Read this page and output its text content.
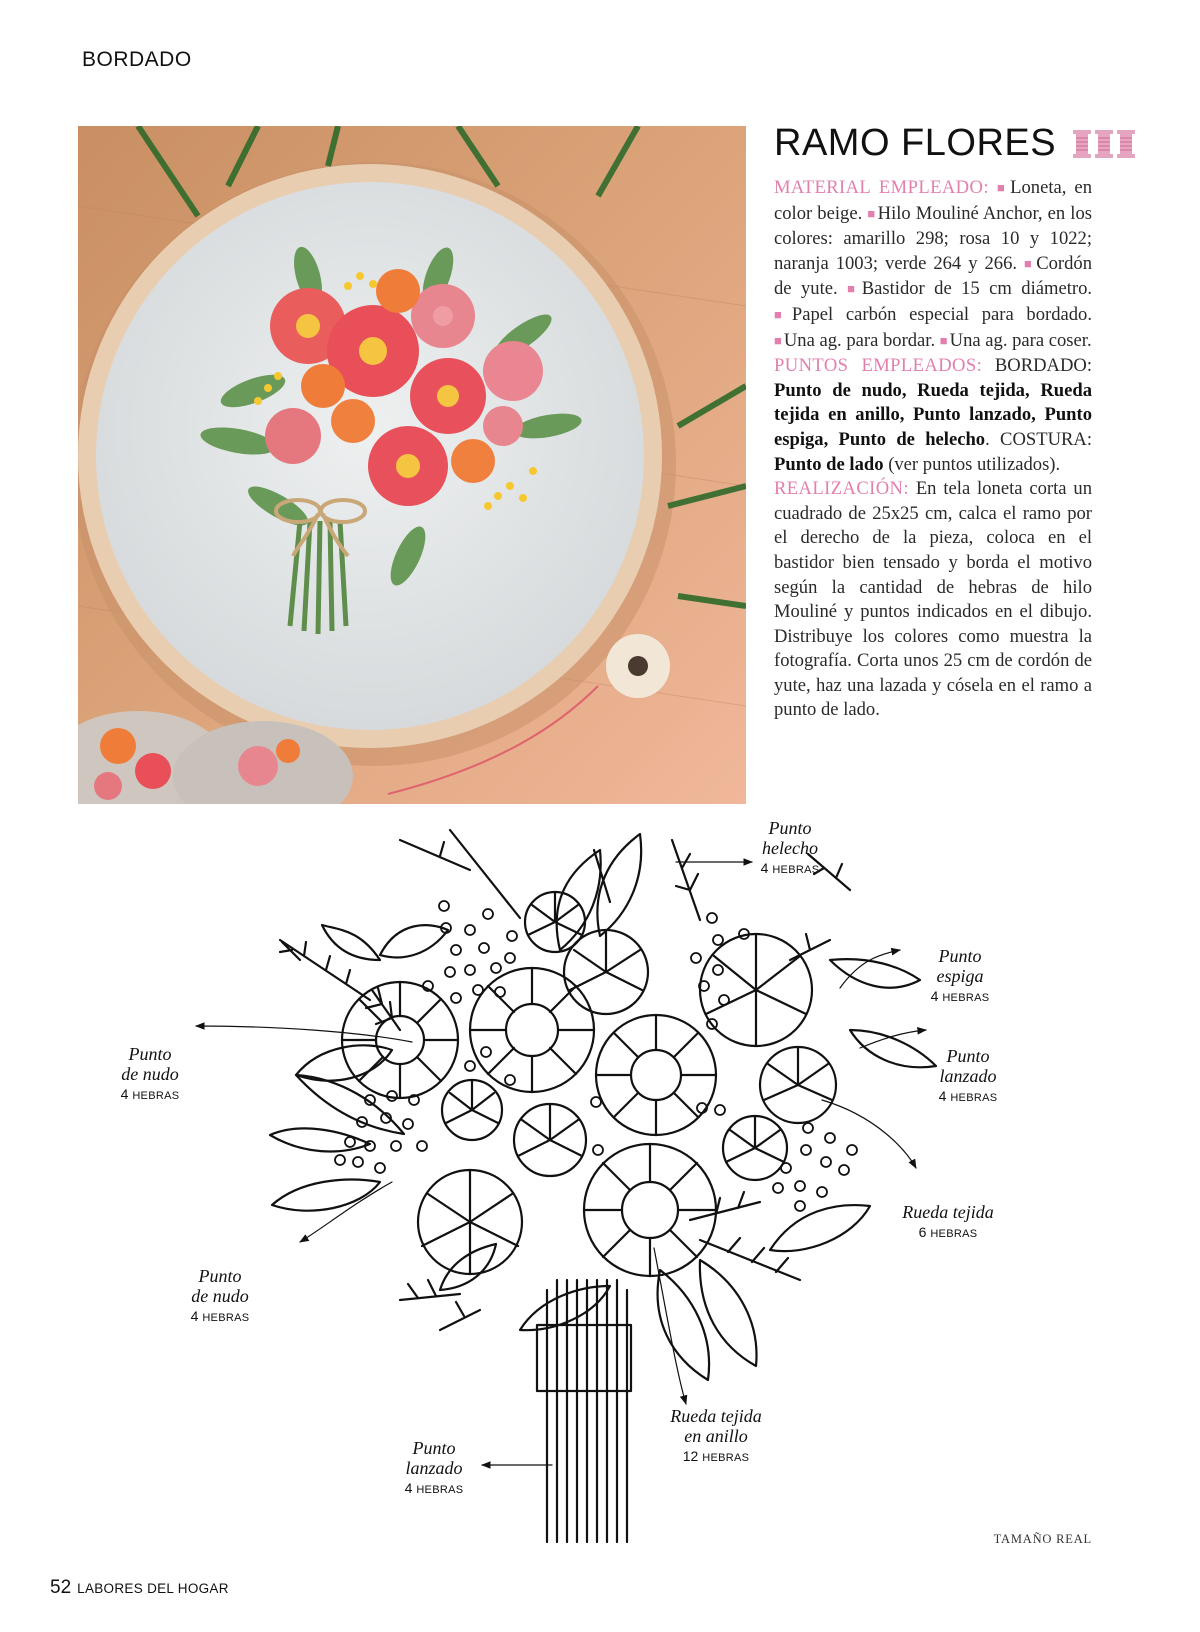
BORDADO
RAMO FLORES

MATERIAL EMPLEADO: ■ Loneta, en color beige. ■ Hilo Mouliné Anchor, en los colores: amarillo 298; rosa 10 y 1022; naranja 1003; verde 264 y 266. ■ Cordón de yute. ■ Bastidor de 15 cm diámetro. ■ Papel carbón especial para bordado. ■ Una ag. para bordar. ■ Una ag. para coser.

PUNTOS EMPLEADOS: BORDADO: Punto de nudo, Rueda tejida, Rueda tejida en anillo, Punto lanzado, Punto espiga, Punto de helecho. COSTURA: Punto de lado (ver puntos utilizados).

REALIZACIÓN: En tela loneta corta un cuadrado de 25x25 cm, calca el ramo por el derecho de la pieza, coloca en el bastidor bien tensado y borda el motivo según la cantidad de hebras de hilo Mouliné y puntos indicados en el dibujo. Distribuye los colores como muestra la fotografía. Corta unos 25 cm de cordón de yute, haz una lazada y cósela en el ramo a punto de lado.

Punto
helecho
4 HEBRAS
Punto
espiga
4 HEBRAS
Punto
de nudo
4 HEBRAS
Punto
lanzado
4 HEBRAS
Rueda tejida
6 HEBRAS
Punto
de nudo
4 HEBRAS
Rueda tejida
en anillo
12 HEBRAS
Punto
lanzado
4 HEBRAS
TAMAÑO REAL
52 LABORES DEL HOGAR
